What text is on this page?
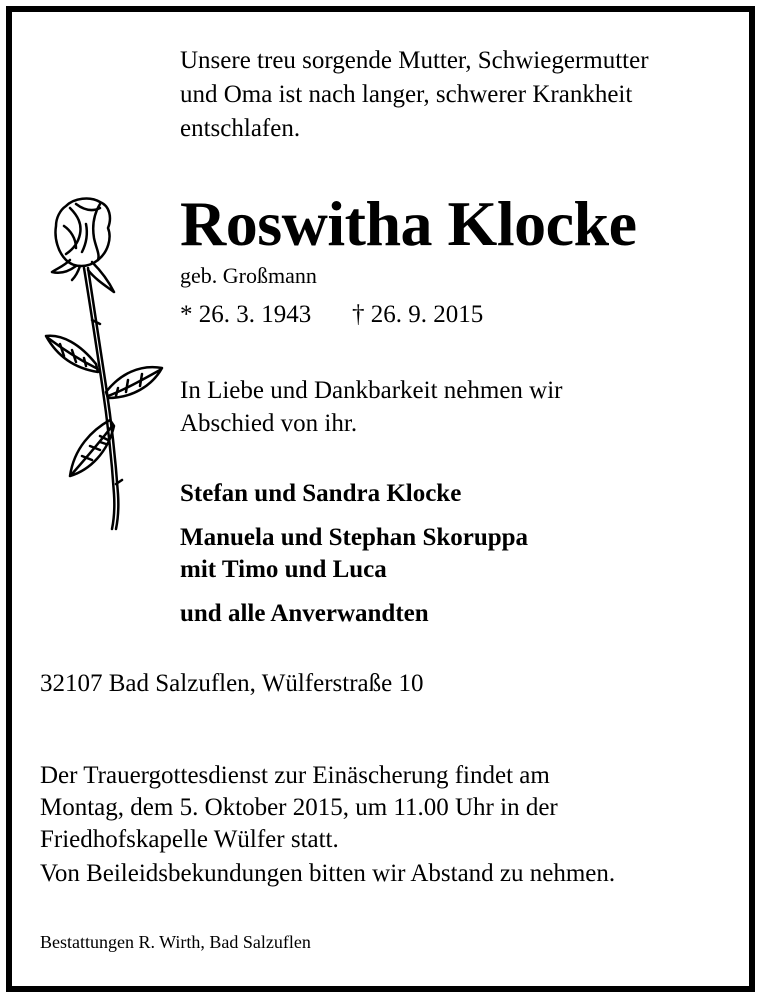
Unsere treu sorgende Mutter, Schwiegermutter
und Oma ist nach langer, schwerer Krankheit
entschlafen.

Roswitha Klocke

geb. Großmann

* 26. 3. 1943 † 26. 9. 2015

In Liebe und Dankbarkeit nehmen wir
Abschied von ihr.

Stefan und Sandra Klocke

Manuela und Stephan Skoruppa

mit Timo und Luca

und alle Anverwandten

32107 Bad Salzuflen, Wülferstraße 10

Der Trauergottesdienst zur Einäscherung findet am
Montag, dem 5. Oktober 2015, um 11.00 Uhr in der
Friedhofskapelle Wülfer statt.

Von Beileidsbekundungen bitten wir Abstand zu nehmen.

Bestattungen R. Wirth, Bad Salzuflen
